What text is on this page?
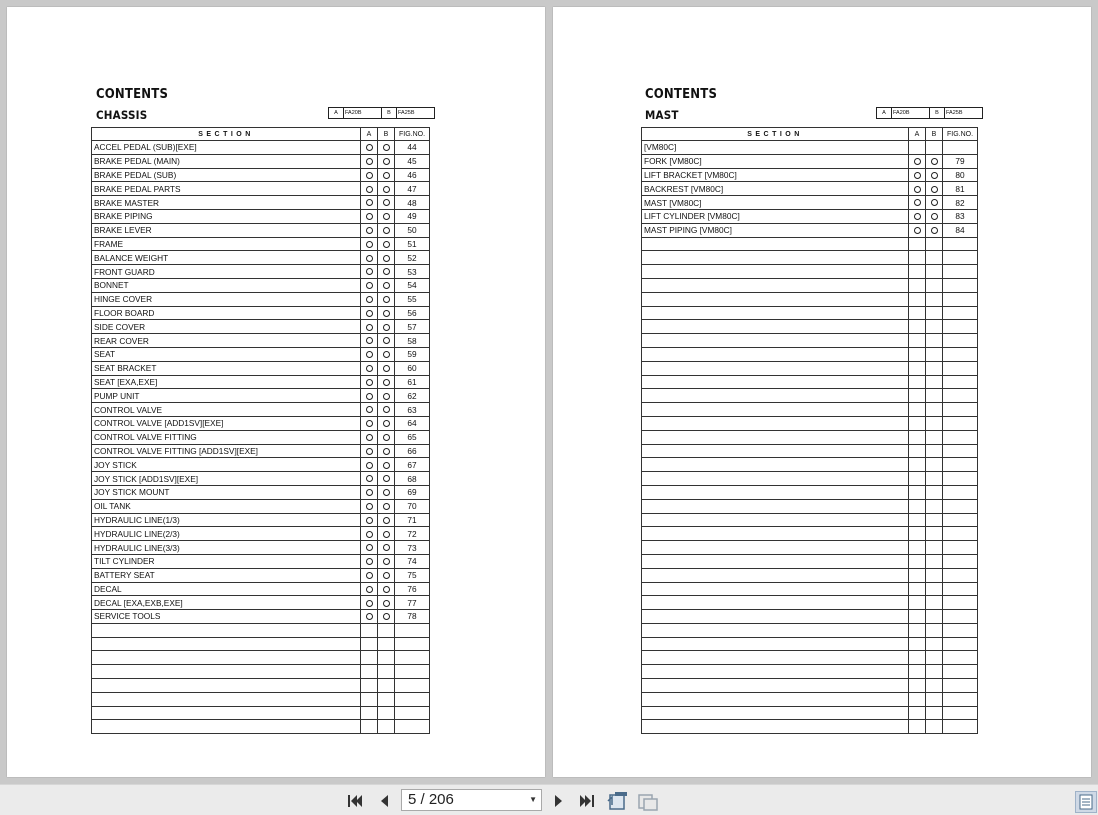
CONTENTS
CHASSIS	A	FA20B	B	FA25B
SECTION	A	B	FIG.NO.
ACCEL PEDAL (SUB)[EXE]			44
BRAKE PEDAL (MAIN)			45
BRAKE PEDAL (SUB)			46
BRAKE PEDAL PARTS			47
BRAKE MASTER			48
BRAKE PIPING			49
BRAKE LEVER			50
FRAME			51
BALANCE WEIGHT			52
FRONT GUARD			53
BONNET			54
HINGE COVER			55
FLOOR BOARD			56
SIDE COVER			57
REAR COVER			58
SEAT			59
SEAT BRACKET			60
SEAT [EXA,EXE]			61
PUMP UNIT			62
CONTROL VALVE			63
CONTROL VALVE [ADD1SV][EXE]			64
CONTROL VALVE FITTING			65
CONTROL VALVE FITTING [ADD1SV][EXE]			66
JOY STICK			67
JOY STICK [ADD1SV][EXE]			68
JOY STICK MOUNT			69
OIL TANK			70
HYDRAULIC LINE(1/3)			71
HYDRAULIC LINE(2/3)			72
HYDRAULIC LINE(3/3)			73
TILT CYLINDER			74
BATTERY SEAT			75
DECAL			76
DECAL [EXA,EXB,EXE]			77
SERVICE TOOLS			78

CONTENTS
MAST	A	FA20B	B	FA25B
SECTION	A	B	FIG.NO.
[VM80C]			
FORK [VM80C]			79
LIFT BRACKET [VM80C]			80
BACKREST [VM80C]			81
MAST [VM80C]			82
LIFT CYLINDER [VM80C]			83
MAST PIPING [VM80C]			84

5 / 206	▼
